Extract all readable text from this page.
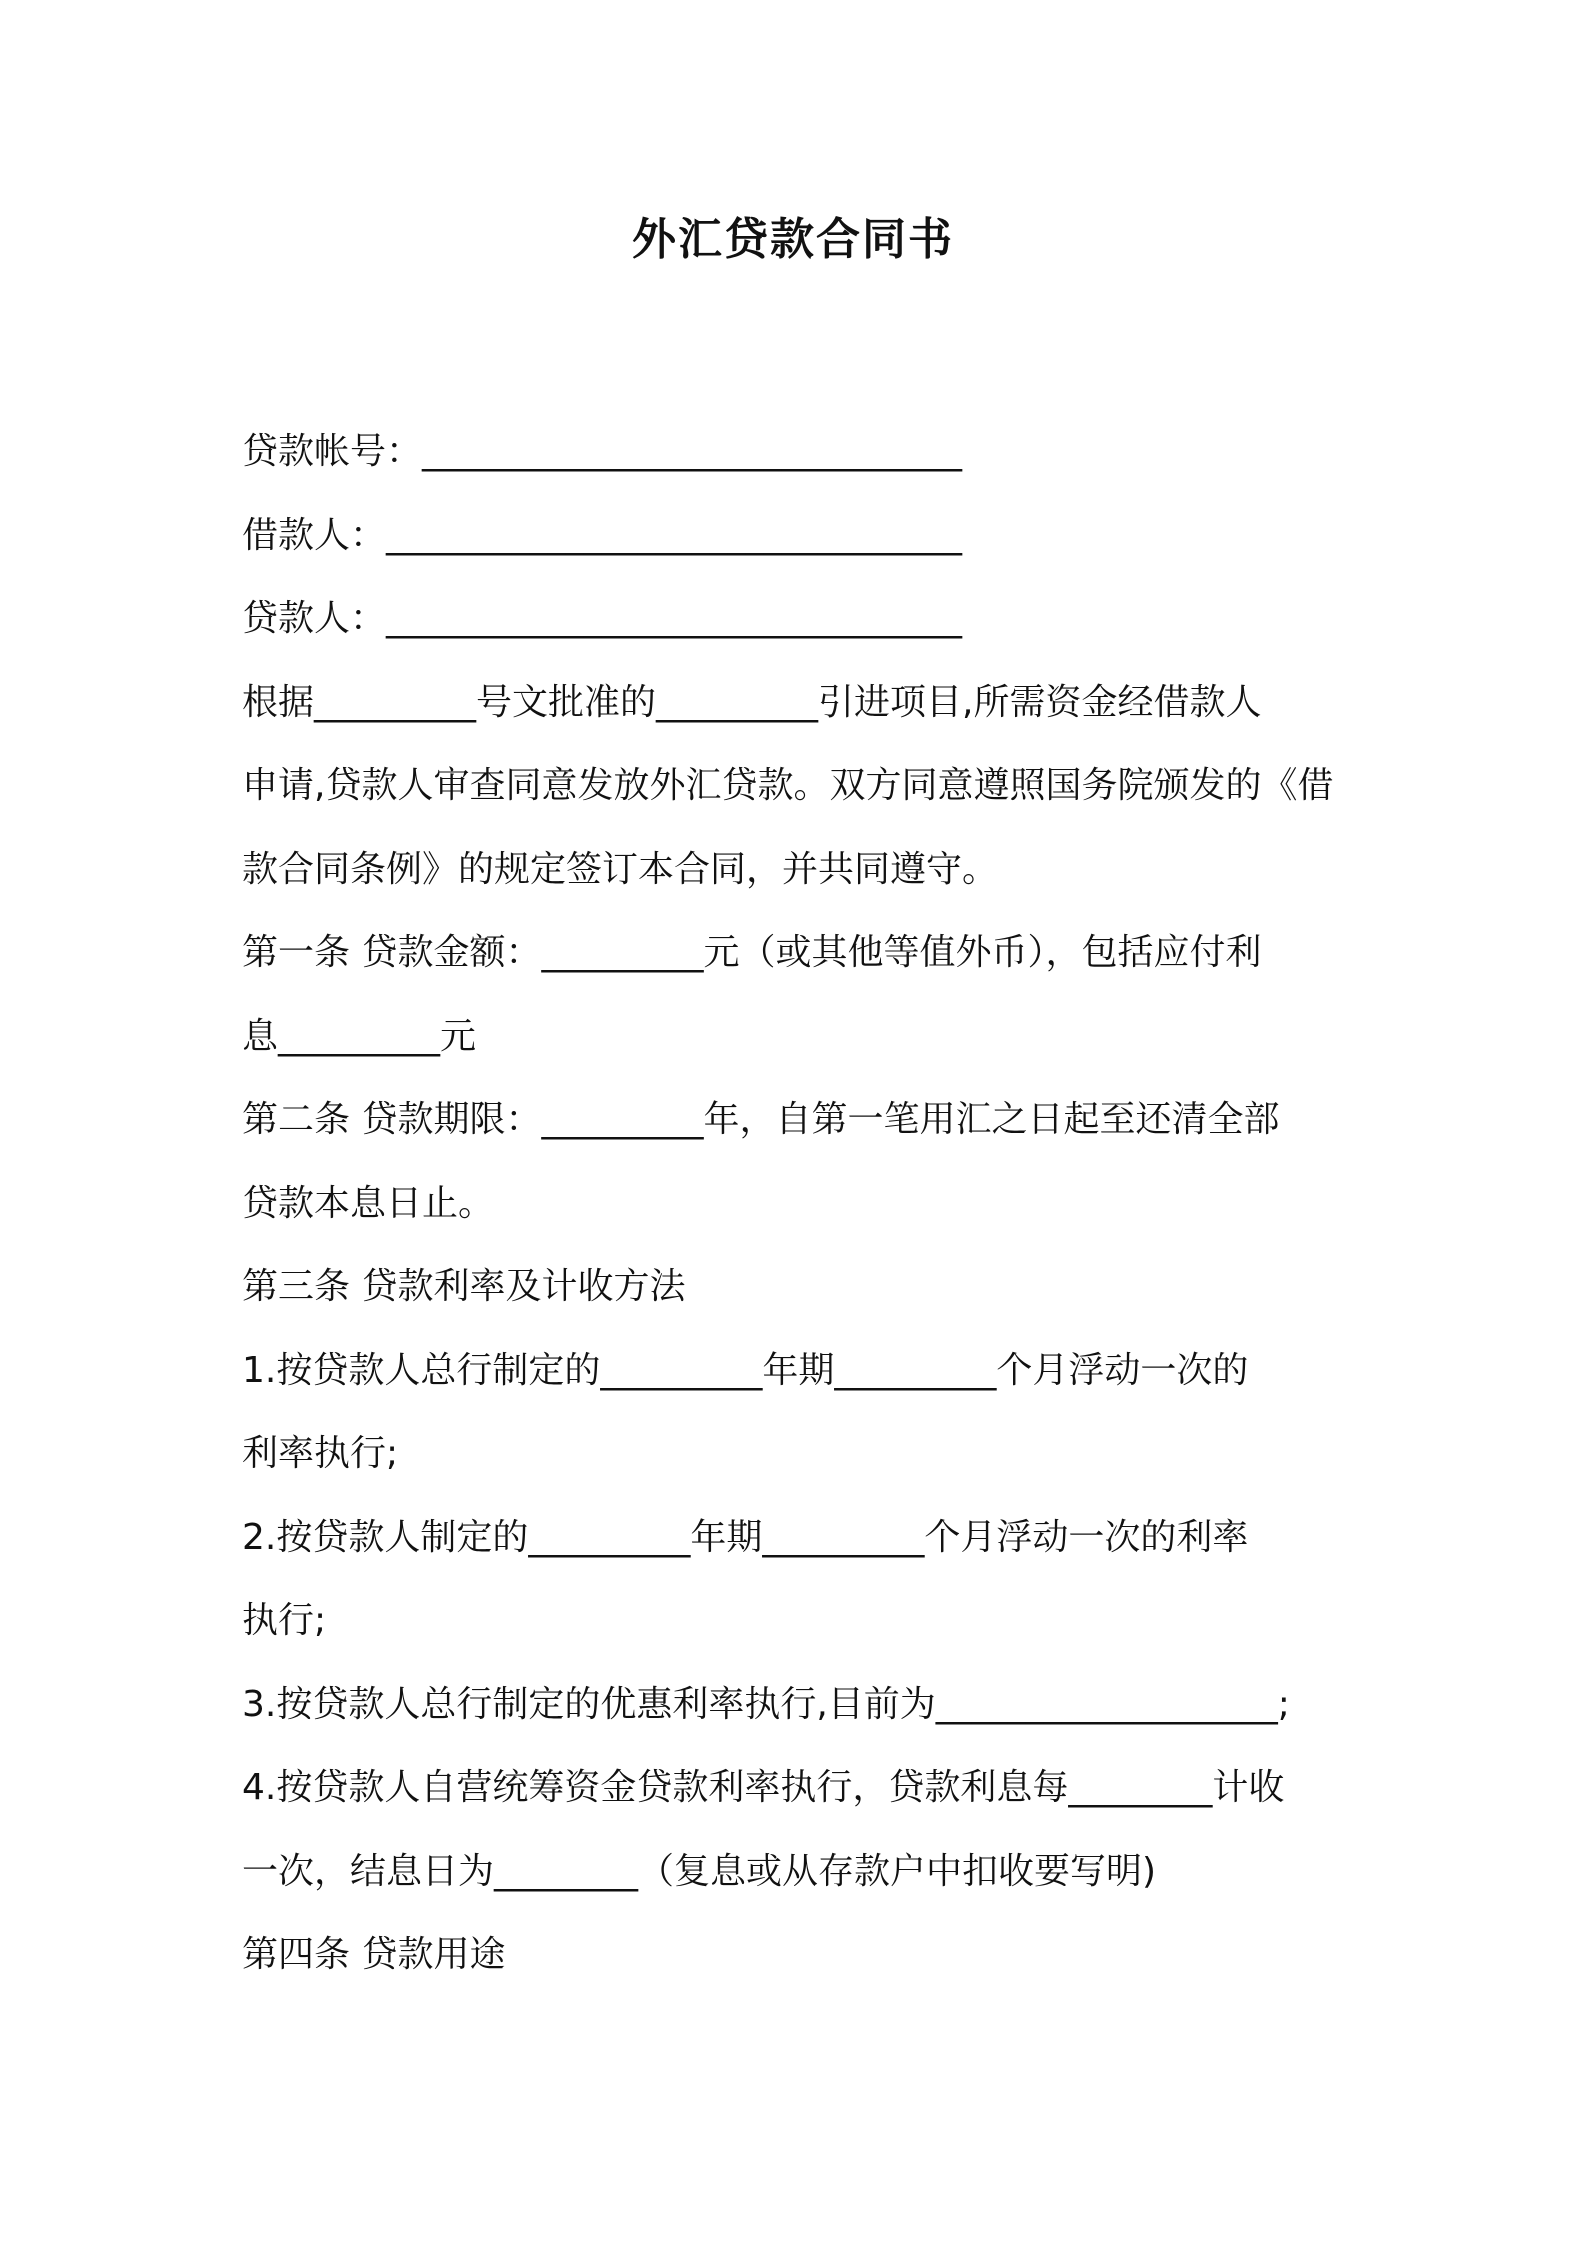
外汇贷款合同书

贷款帐号：______________________________

借款人：________________________________

贷款人：________________________________

根据_________号文批准的_________引进项目,所需资金经借款人

申请,贷款人审查同意发放外汇贷款。双方同意遵照国务院颁发的《借

款合同条例》的规定签订本合同，并共同遵守。

第一条 贷款金额：_________元（或其他等值外币），包括应付利

息_________元

第二条 贷款期限：_________年，自第一笔用汇之日起至还清全部

贷款本息日止。

第三条 贷款利率及计收方法

1.按贷款人总行制定的_________年期_________个月浮动一次的

利率执行;

2.按贷款人制定的_________年期_________个月浮动一次的利率

执行;

3.按贷款人总行制定的优惠利率执行,目前为___________________;

4.按贷款人自营统筹资金贷款利率执行，贷款利息每________计收

一次，结息日为________（复息或从存款户中扣收要写明)

第四条 贷款用途
